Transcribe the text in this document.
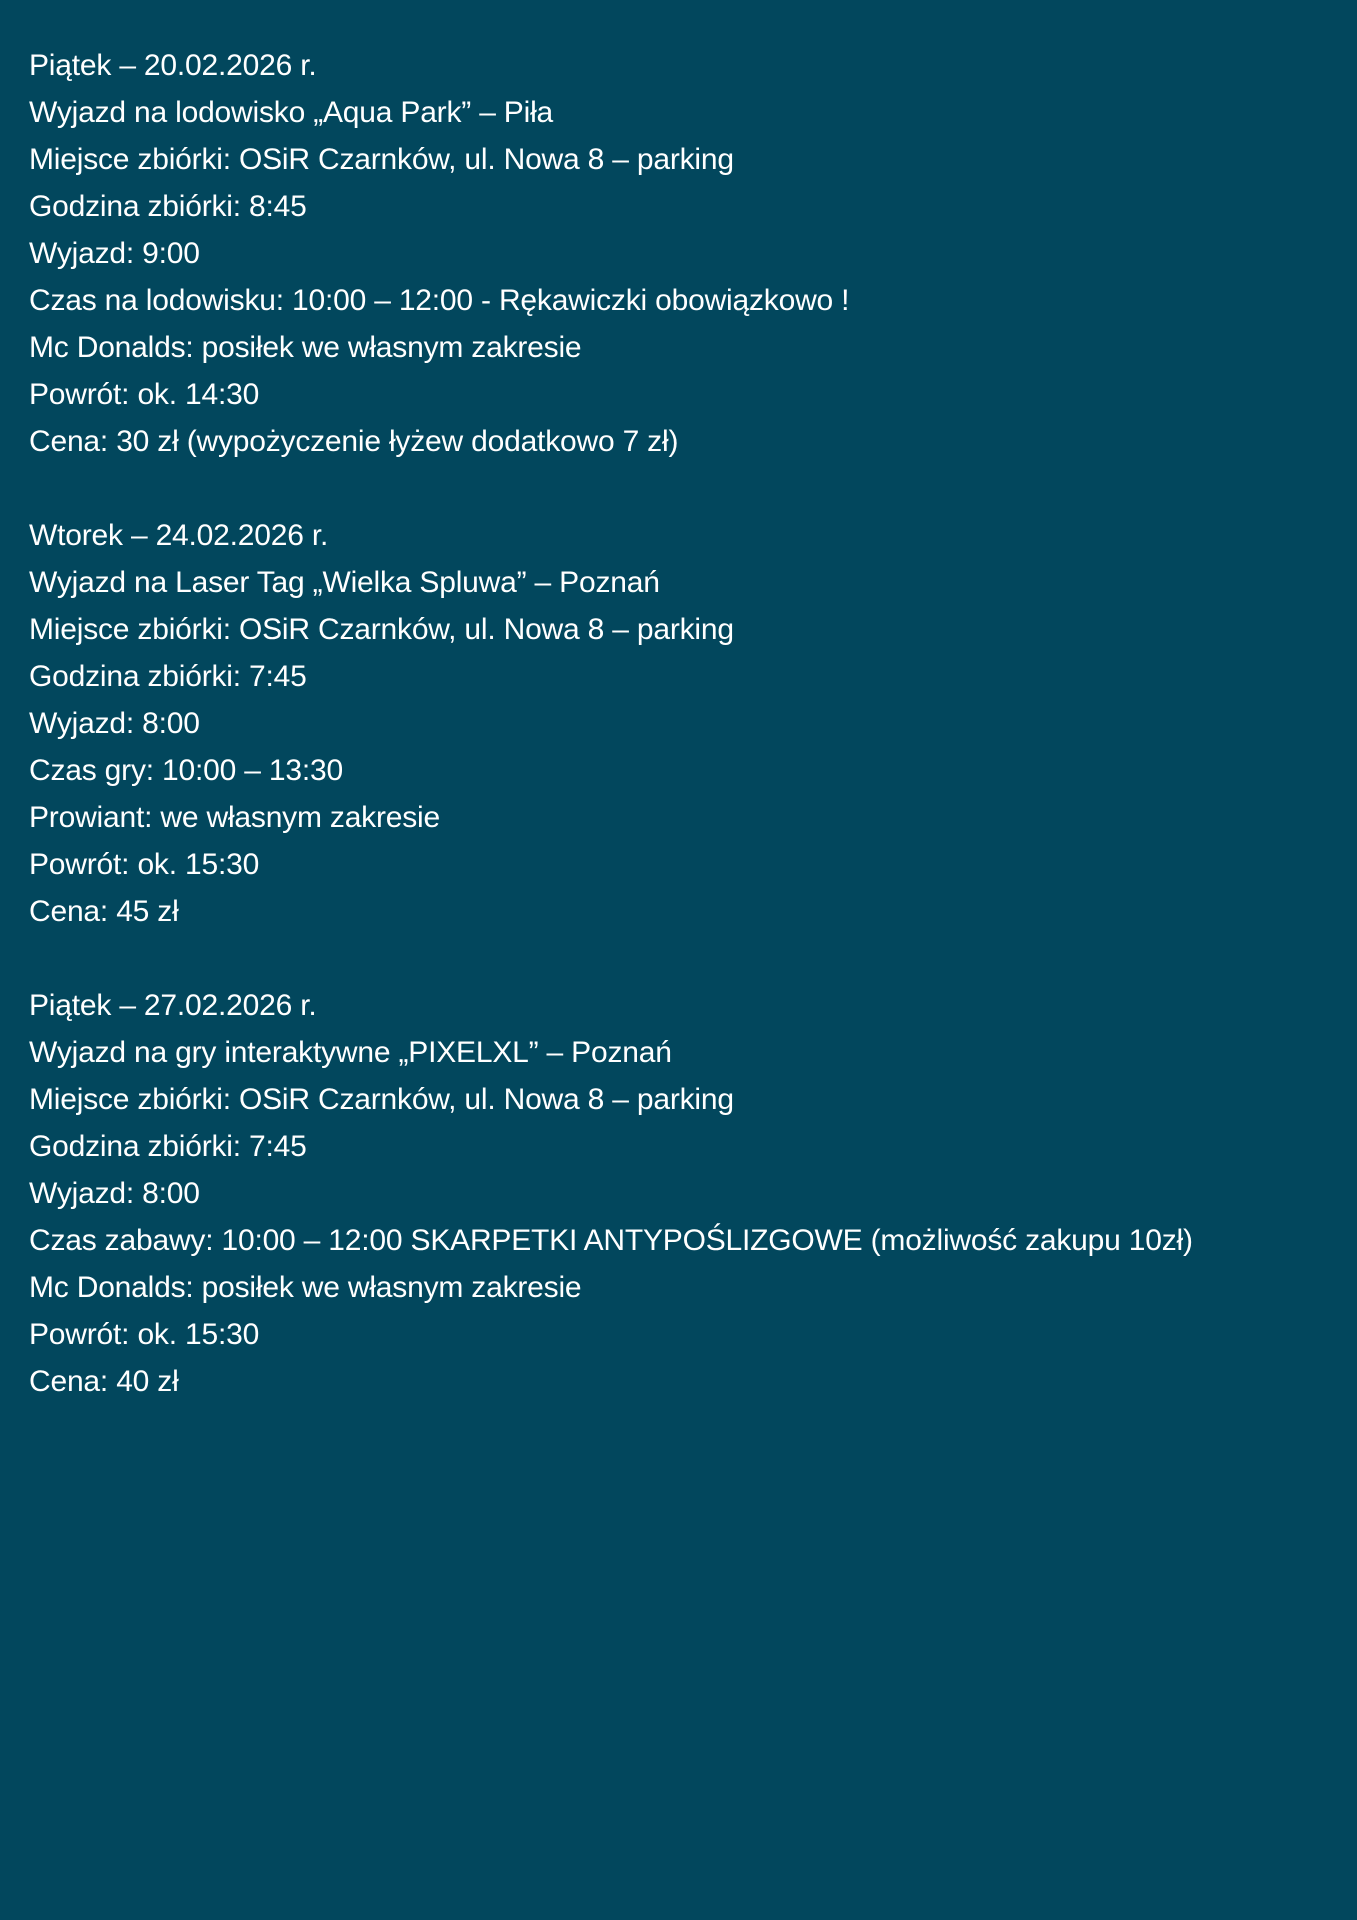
Piątek – 20.02.2026 r.
Wyjazd na lodowisko „Aqua Park” – Piła
Miejsce zbiórki: OSiR Czarnków, ul. Nowa 8 – parking
Godzina zbiórki: 8:45
Wyjazd: 9:00
Czas na lodowisku: 10:00 – 12:00 - Rękawiczki obowiązkowo !
Mc Donalds: posiłek we własnym zakresie
Powrót: ok. 14:30
Cena: 30 zł (wypożyczenie łyżew dodatkowo 7 zł)
Wtorek – 24.02.2026 r.
Wyjazd na Laser Tag „Wielka Spluwa” – Poznań
Miejsce zbiórki: OSiR Czarnków, ul. Nowa 8 – parking
Godzina zbiórki: 7:45
Wyjazd: 8:00
Czas gry: 10:00 – 13:30
Prowiant: we własnym zakresie
Powrót: ok. 15:30
Cena: 45 zł
Piątek – 27.02.2026 r.
Wyjazd na gry interaktywne „PIXELXL” – Poznań
Miejsce zbiórki: OSiR Czarnków, ul. Nowa 8 – parking
Godzina zbiórki: 7:45
Wyjazd: 8:00
Czas zabawy: 10:00 – 12:00 SKARPETKI ANTYPOŚLIZGOWE (możliwość zakupu 10zł)
Mc Donalds: posiłek we własnym zakresie
Powrót: ok. 15:30
Cena: 40 zł
